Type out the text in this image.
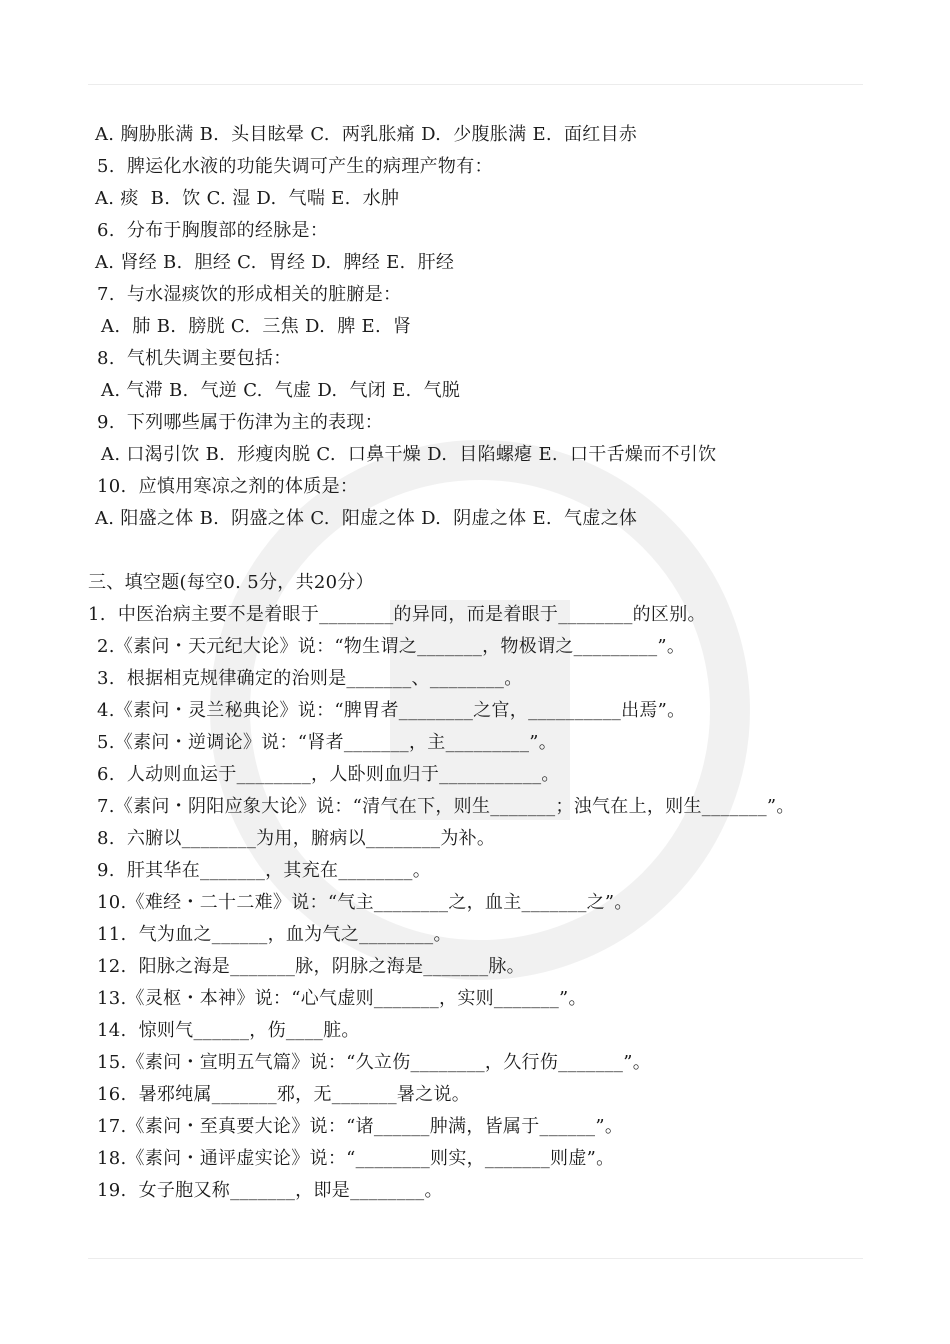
A. 胸胁胀满 B.  头目眩晕 C.  两乳胀痛 D.  少腹胀满 E.  面红目赤
5.  脾运化水液的功能失调可产生的病理产物有：
A. 痰  B.  饮 C. 湿 D.  气喘 E.  水肿
6.  分布于胸腹部的经脉是：
A. 肾经 B.  胆经 C.  胃经 D.  脾经 E.  肝经
7.  与水湿痰饮的形成相关的脏腑是：
A.  肺 B.  膀胱 C.  三焦 D.  脾 E.  肾
8.  气机失调主要包括：
A. 气滞 B.  气逆 C.  气虚 D.  气闭 E.  气脱
9.  下列哪些属于伤津为主的表现：
A. 口渴引饮 B.  形瘦肉脱 C.  口鼻干燥 D.  目陷螺瘪 E.  口干舌燥而不引饮
10.  应慎用寒凉之剂的体质是：
A. 阳盛之体 B.  阴盛之体 C.  阳虚之体 D.  阴虚之体 E.  气虚之体
三、填空题(每空0. 5分，共20分）
1.  中医治病主要不是着眼于________的异同，而是着眼于________的区别。
2.《素问・天元纪大论》说：“物生谓之_______，物极谓之_________”。
3.  根据相克规律确定的治则是_______、________。
4.《素问・灵兰秘典论》说：“脾胃者________之官，__________出焉”。
5.《素问・逆调论》说：“肾者_______，主_________”。
6.  人动则血运于________，人卧则血归于___________。
7.《素问・阴阳应象大论》说：“清气在下，则生_______；浊气在上，则生_______”。
8.  六腑以________为用，腑病以________为补。
9.  肝其华在_______，其充在________。
10.《难经・二十二难》说：“气主________之，血主_______之”。
11.  气为血之______，血为气之________。
12.  阳脉之海是_______脉，阴脉之海是_______脉。
13.《灵枢・本神》说：“心气虚则_______，实则_______”。
14.  惊则气______，伤____脏。
15.《素问・宣明五气篇》说：“久立伤________，久行伤_______”。
16.  暑邪纯属_______邪，无_______暑之说。
17.《素问・至真要大论》说：“诸______肿满，皆属于______”。
18.《素问・通评虚实论》说：“________则实，_______则虚”。
19.  女子胞又称_______，即是________。
